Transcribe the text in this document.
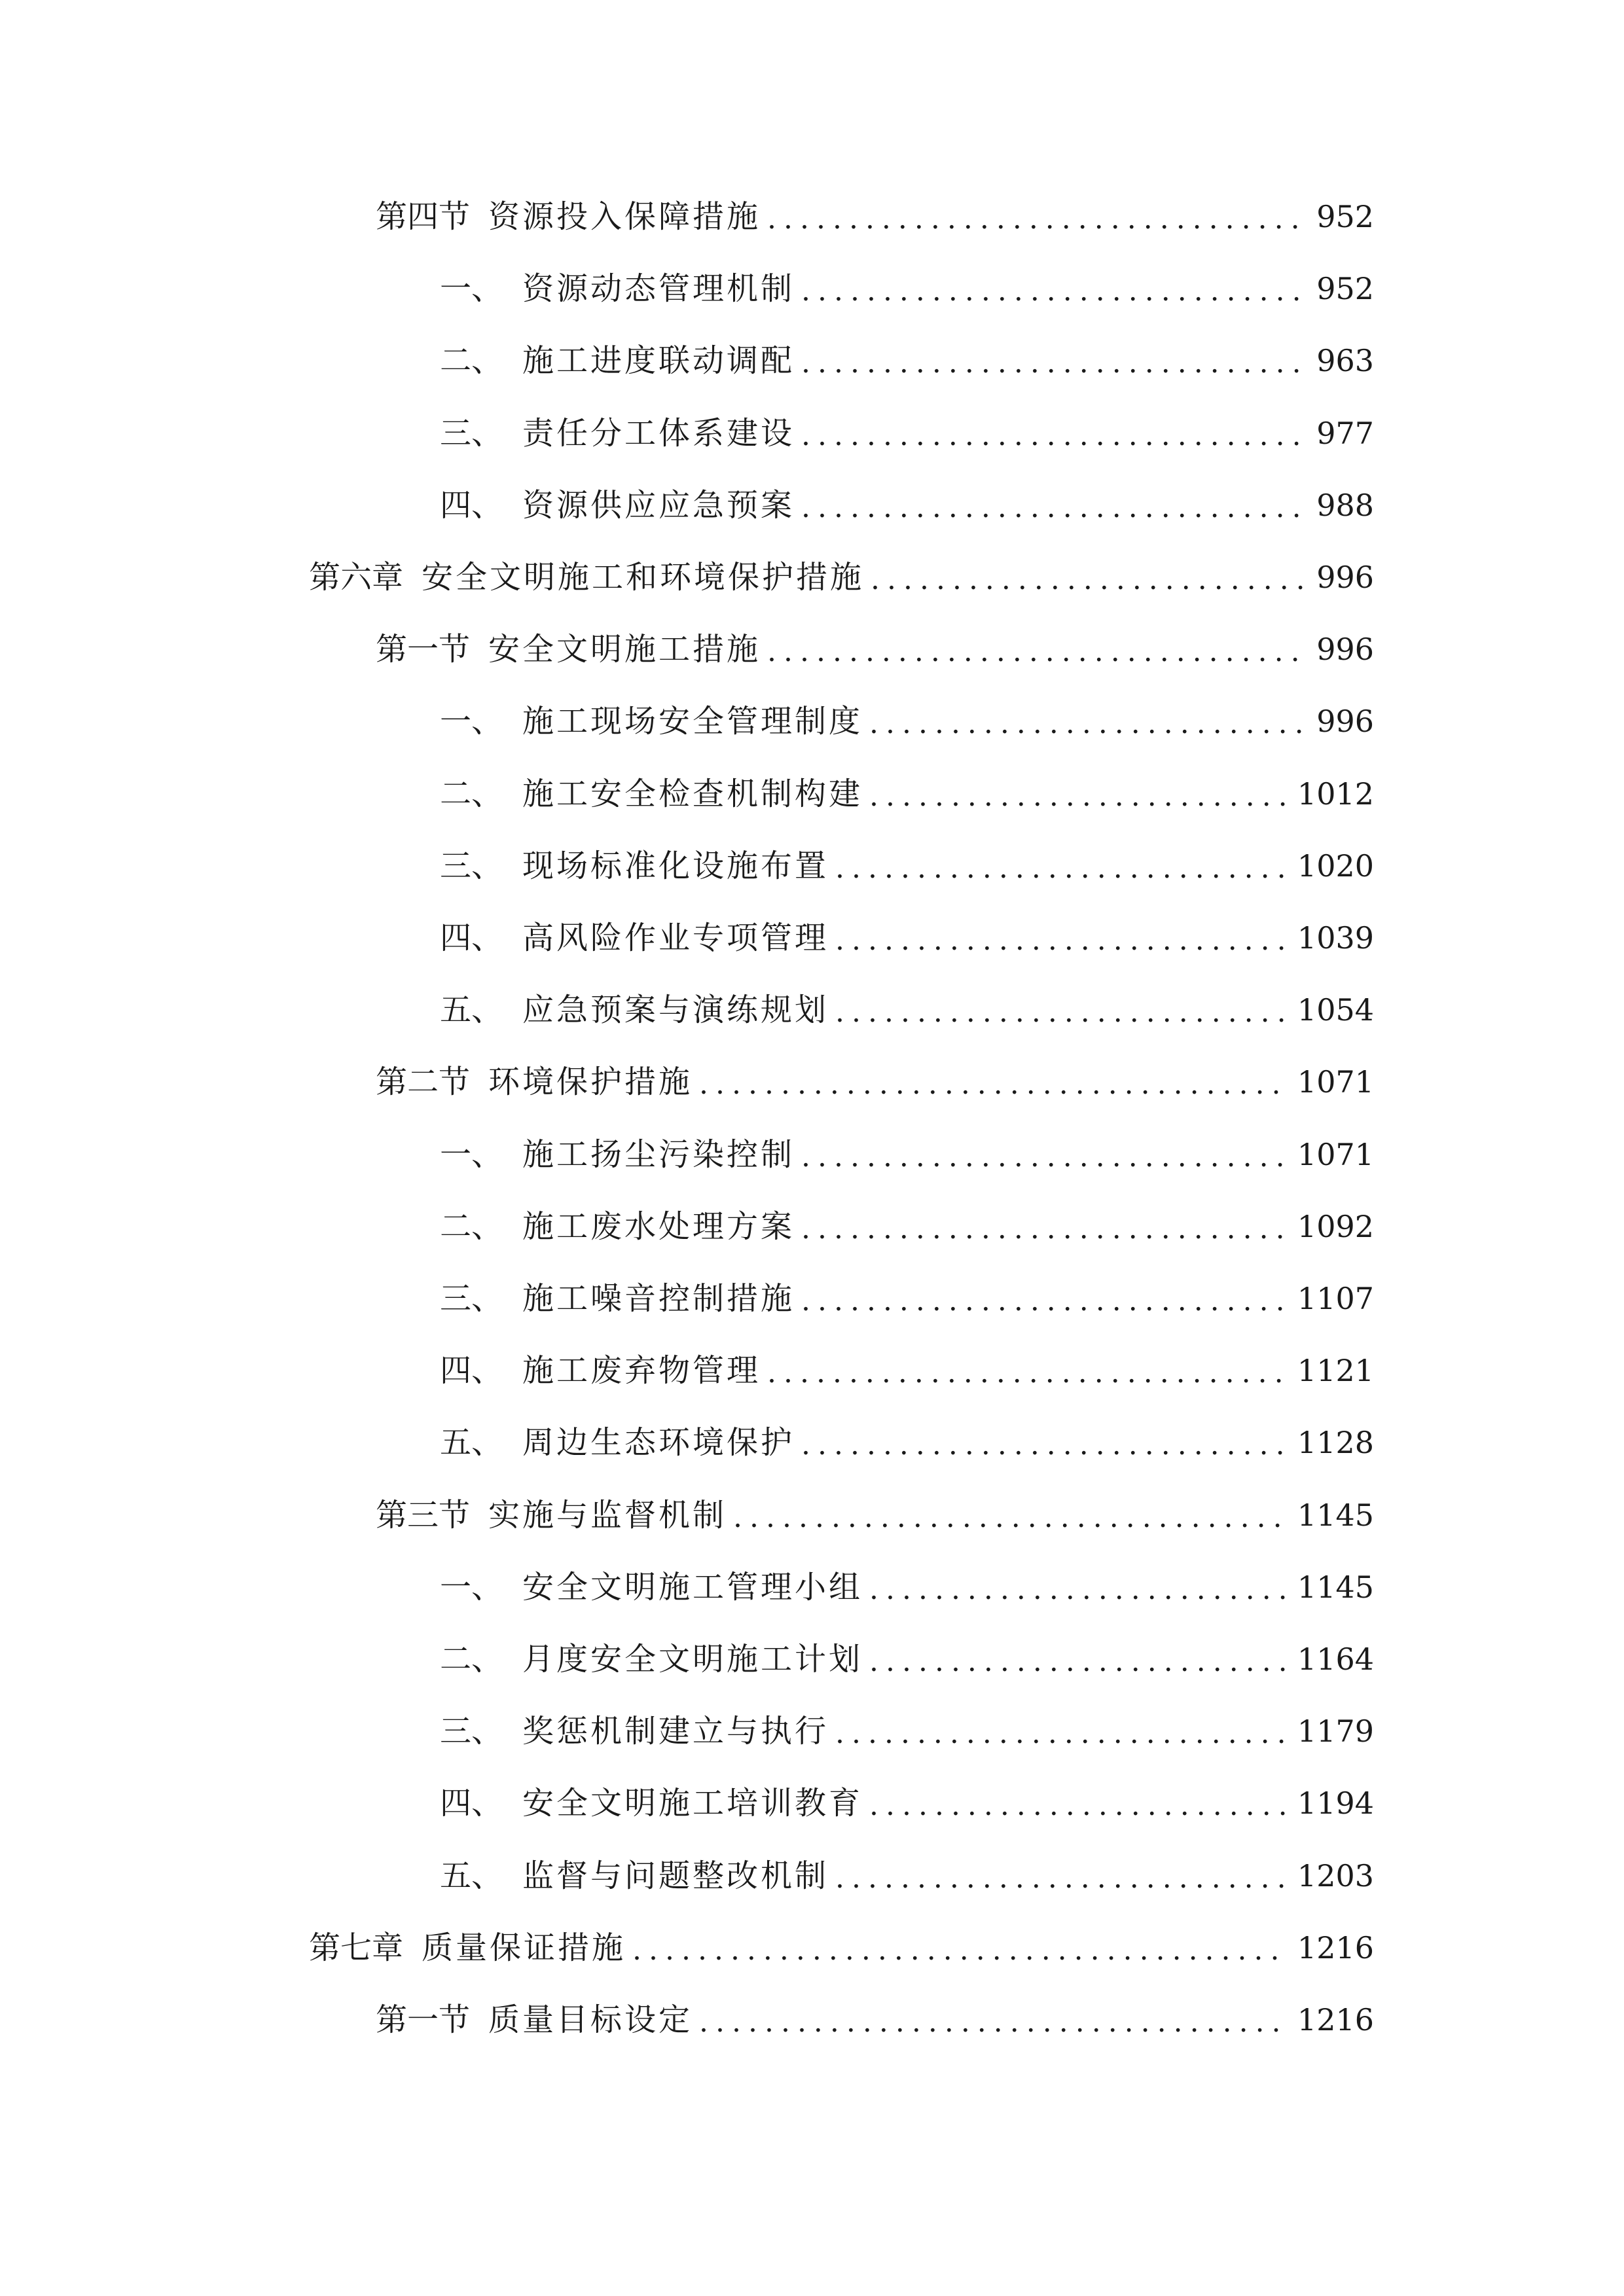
第四节 资源投入保障措施 .....	952
一、 资源动态管理机制 .....	952
二、 施工进度联动调配 .....	963
三、 责任分工体系建设 .....	977
四、 资源供应应急预案 .....	988
第六章 安全文明施工和环境保护措施 .....	996
第一节 安全文明施工措施 .....	996
一、 施工现场安全管理制度 .....	996
二、 施工安全检查机制构建 .....	1012
三、 现场标准化设施布置 .....	1020
四、 高风险作业专项管理 .....	1039
五、 应急预案与演练规划 .....	1054
第二节 环境保护措施 .....	1071
一、 施工扬尘污染控制 .....	1071
二、 施工废水处理方案 .....	1092
三、 施工噪音控制措施 .....	1107
四、 施工废弃物管理 .....	1121
五、 周边生态环境保护 .....	1128
第三节 实施与监督机制 .....	1145
一、 安全文明施工管理小组 .....	1145
二、 月度安全文明施工计划 .....	1164
三、 奖惩机制建立与执行 .....	1179
四、 安全文明施工培训教育 .....	1194
五、 监督与问题整改机制 .....	1203
第七章 质量保证措施 .....	1216
第一节 质量目标设定 .....	1216
